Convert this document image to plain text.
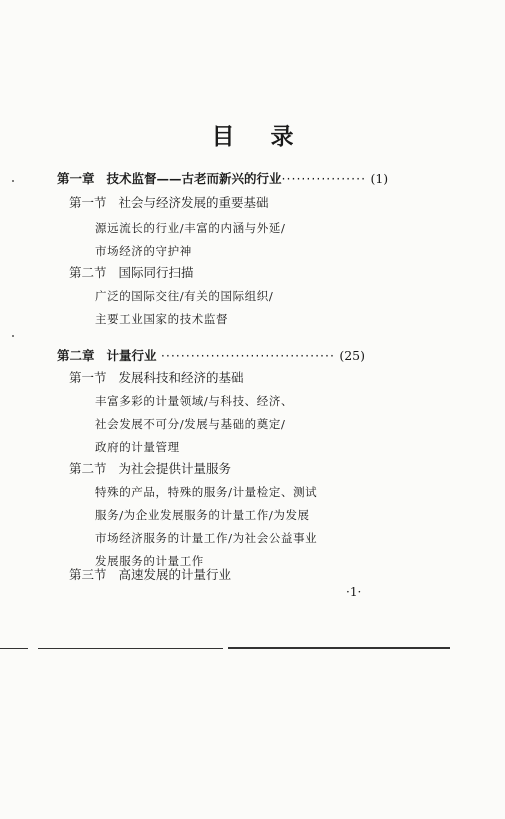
目 录
第一章 技术监督——古老而新兴的行业················· (1)
第一节 社会与经济发展的重要基础
源远流长的行业/丰富的内涵与外延/
市场经济的守护神
第二节 国际同行扫描
广泛的国际交往/有关的国际组织/
主要工业国家的技术监督
第二章 计量行业 ··································· (25)
第一节 发展科技和经济的基础
丰富多彩的计量领域/与科技、经济、
社会发展不可分/发展与基础的奠定/
政府的计量管理
第二节 为社会提供计量服务
特殊的产品，特殊的服务/计量检定、测试
服务/为企业发展服务的计量工作/为发展
市场经济服务的计量工作/为社会公益事业
发展服务的计量工作
第三节 高速发展的计量行业
·1·
